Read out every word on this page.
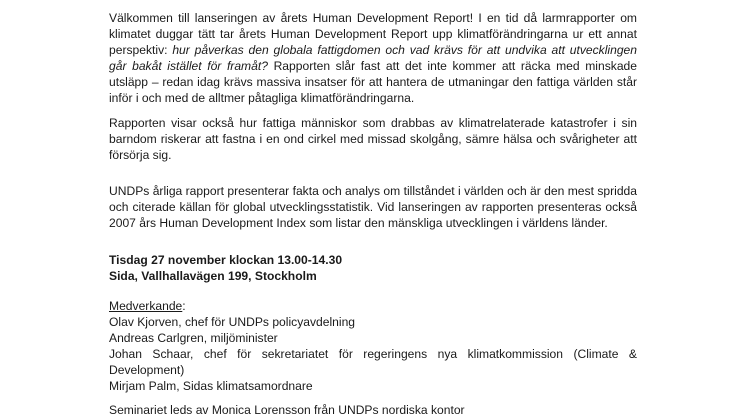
Välkommen till lanseringen av årets Human Development Report! I en tid då larmrapporter om klimatet duggar tätt tar årets Human Development Report upp klimatförändringarna ur ett annat perspektiv: hur påverkas den globala fattigdomen och vad krävs för att undvika att utvecklingen går bakåt istället för framåt? Rapporten slår fast att det inte kommer att räcka med minskade utsläpp – redan idag krävs massiva insatser för att hantera de utmaningar den fattiga världen står inför i och med de alltmer påtagliga klimatförändringarna.

Rapporten visar också hur fattiga människor som drabbas av klimatrelaterade katastrofer i sin barndom riskerar att fastna i en ond cirkel med missad skolgång, sämre hälsa och svårigheter att försörja sig.

UNDPs årliga rapport presenterar fakta och analys om tillståndet i världen och är den mest spridda och citerade källan för global utvecklingsstatistik. Vid lanseringen av rapporten presenteras också 2007 års Human Development Index som listar den mänskliga utvecklingen i världens länder.

Tisdag 27 november klockan 13.00-14.30
Sida, Vallhallavägen 199, Stockholm
Medverkande:
Olav Kjorven, chef för UNDPs policyavdelning
Andreas Carlgren, miljöminister
Johan Schaar, chef för sekretariatet för regeringens nya klimatkommission (Climate & Development)
Mirjam Palm, Sidas klimatsamordnare
Seminariet leds av Monica Lorensson från UNDPs nordiska kontor
